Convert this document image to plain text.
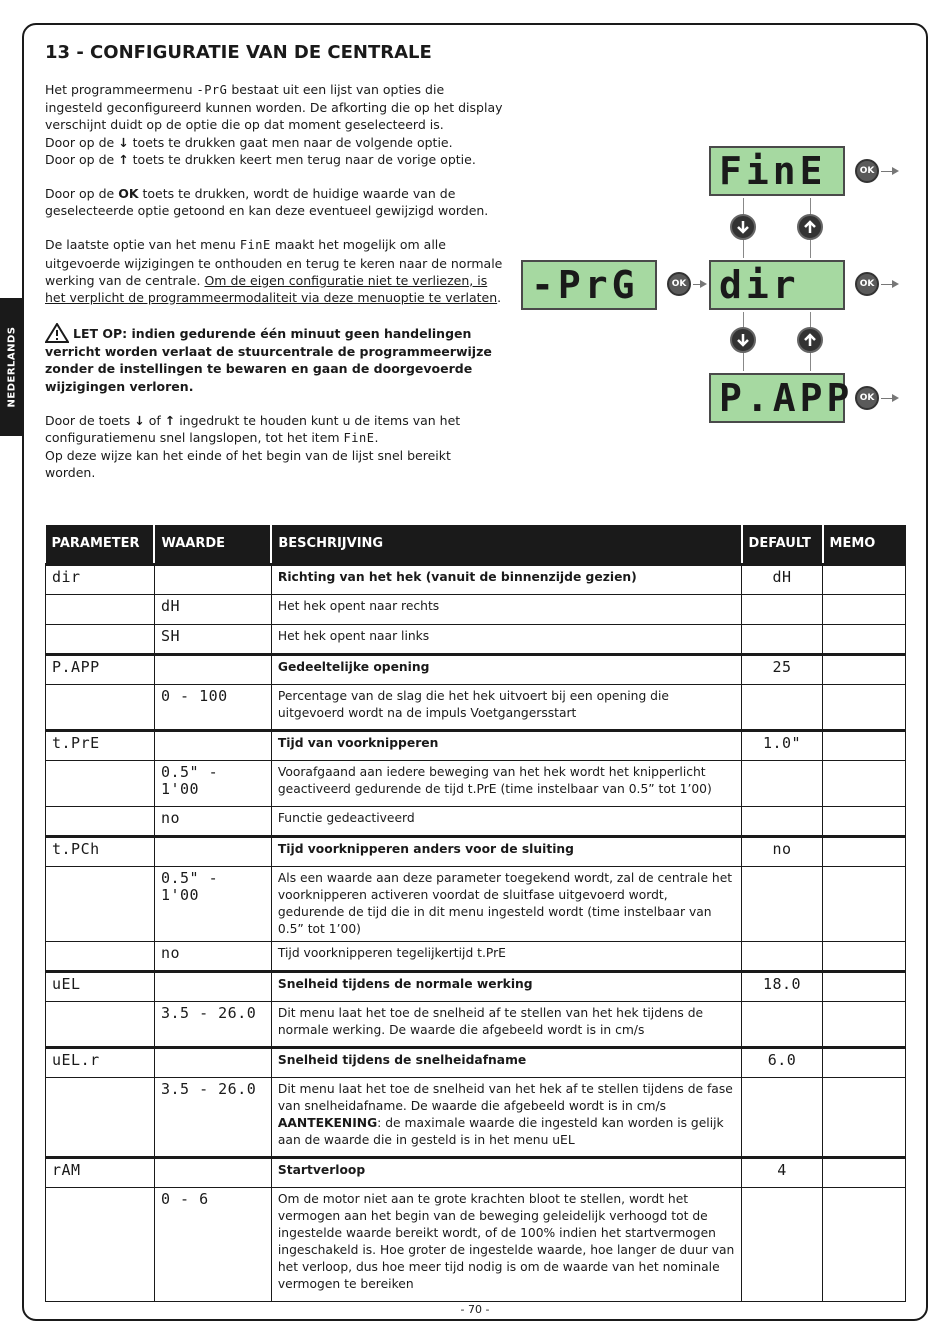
NEDERLANDS
13 - CONFIGURATIE VAN DE CENTRALE

Het programmeermenu -PrG bestaat uit een lijst van opties die ingesteld geconfigureerd kunnen worden. De afkorting die op het display verschijnt duidt op de optie die op dat moment geselecteerd is.
Door op de ↓ toets te drukken gaat men naar de volgende optie.
Door op de ↑ toets te drukken keert men terug naar de vorige optie.

Door op de OK toets te drukken, wordt de huidige waarde van de geselecteerde optie getoond en kan deze eventueel gewijzigd worden.

De laatste optie van het menu FinE maakt het mogelijk om alle uitgevoerde wijzigingen te onthouden en terug te keren naar de normale werking van de centrale. Om de eigen configuratie niet te verliezen, is het verplicht de programmeermodaliteit via deze menuoptie te verlaten.

LET OP: indien gedurende één minuut geen handelingen verricht worden verlaat de stuurcentrale de programmeerwijze zonder de instellingen te bewaren en gaan de doorgevoerde wijzigingen verloren.

Door de toets ↓ of ↑ ingedrukt te houden kunt u de items van het configuratiemenu snel langslopen, tot het item FinE.
Op deze wijze kan het einde of het begin van de lijst snel bereikt worden.

FinE
-PrG	dir
P.APP
OK
OK	OK
OK
PARAMETER	WAARDE	BESCHRIJVING	DEFAULT	MEMO
dir		Richting van het hek (vanuit de binnenzijde gezien)	dH	
	dH	Het hek opent naar rechts		
	SH	Het hek opent naar links		
P.APP		Gedeeltelijke opening	25	
	0 - 100	Percentage van de slag die het hek uitvoert bij een opening die uitgevoerd wordt na de impuls Voetgangersstart		
t.PrE		Tijd van voorknipperen	1.0"	
	0.5" - 1'00	Voorafgaand aan iedere beweging van het hek wordt het knipperlicht geactiveerd gedurende de tijd t.PrE (time instelbaar van 0.5” tot 1’00)		
	no	Functie gedeactiveerd		
t.PCh		Tijd voorknipperen anders voor de sluiting	no	
	0.5" - 1'00	Als een waarde aan deze parameter toegekend wordt, zal de centrale het voorknipperen activeren voordat de sluitfase uitgevoerd wordt, gedurende de tijd die in dit menu ingesteld wordt (time instelbaar van 0.5” tot 1’00)		
	no	Tijd voorknipperen tegelijkertijd t.PrE		
uEL		Snelheid tijdens de normale werking	18.0	
	3.5 - 26.0	Dit menu laat het toe de snelheid af te stellen van het hek tijdens de normale werking. De waarde die afgebeeld wordt is in cm/s		
uEL.r		Snelheid tijdens de snelheidafname	6.0	
	3.5 - 26.0	Dit menu laat het toe de snelheid van het hek af te stellen tijdens de fase van snelheidafname. De waarde die afgebeeld wordt is in cm/s
AANTEKENING: de maximale waarde die ingesteld kan worden is gelijk aan de waarde die in gesteld is in het menu uEL		
rAM		Startverloop	4	
	0 - 6	Om de motor niet aan te grote krachten bloot te stellen, wordt het vermogen aan het begin van de beweging geleidelijk verhoogd tot de ingestelde waarde bereikt wordt, of de 100% indien het startvermogen ingeschakeld is. Hoe groter de ingestelde waarde, hoe langer de duur van het verloop, dus hoe meer tijd nodig is om de waarde van het nominale vermogen te bereiken		
- 70 -
